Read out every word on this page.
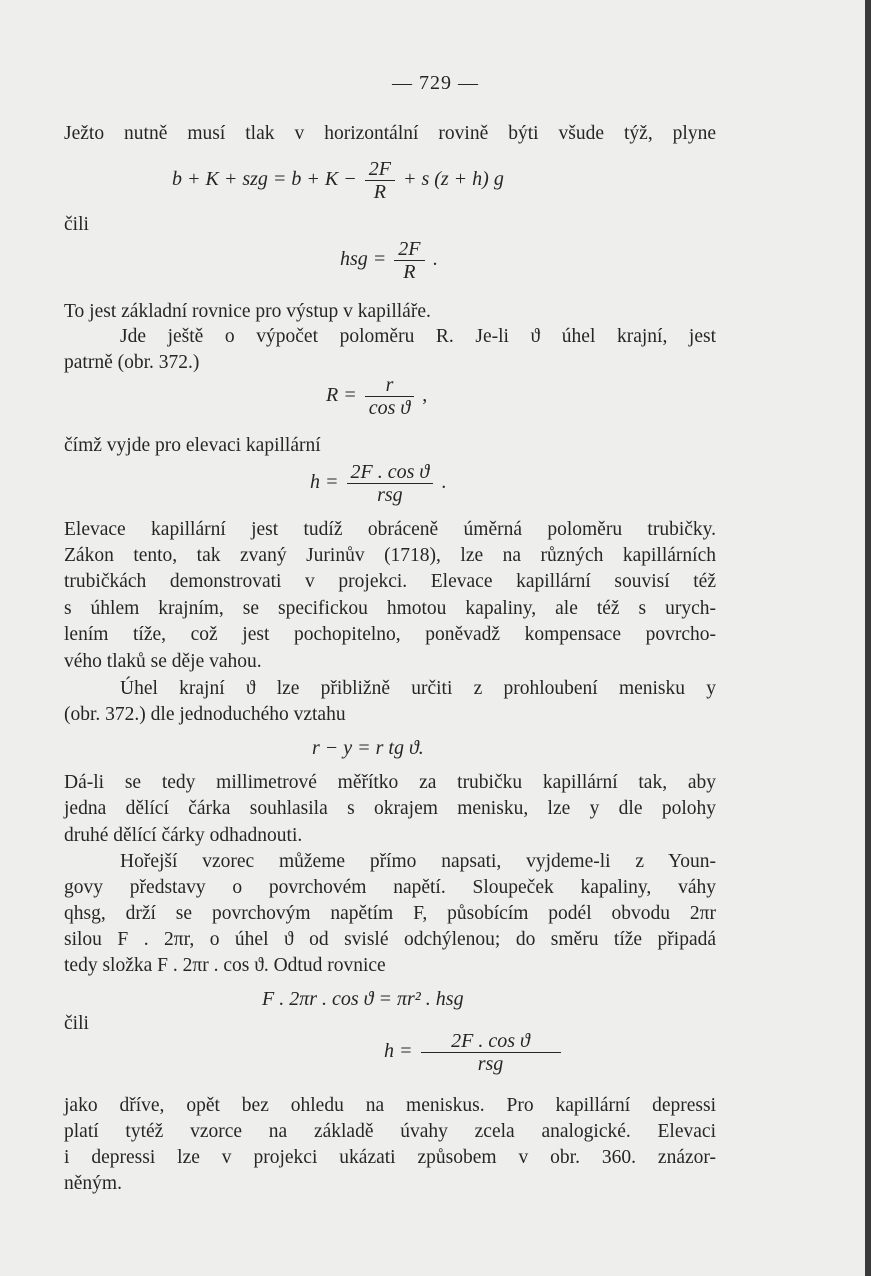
— 729 —
Ježto nutně musí tlak v horizontální rovině býti všude týž, plyne
b + K + szg = $b + K - \frac{2F}{R} + s$ (z + h) g
čili
hsg = $\frac{2F}{R}$ .
To jest základní rovnice pro výstup v kapilláře.
Jde ještě o výpočet poloměru R. Je-li ϑ úhel krajní, jest
patrně (obr. 372.)
$R = \frac{r}{\text{cos ϑ}}$ ,
čímž vyjde pro elevaci kapillární
$h = \frac{\text{2F . cos ϑ}}{\text{rsg}}$ .
Elevace kapillární jest tudíž obráceně úměrná poloměru trubičky.
Zákon tento, tak zvaný Jurinův (1718), lze na různých kapillárních
trubičkách demonstrovati v projekci. Elevace kapillární souvisí též
s úhlem krajním, se specifickou hmotou kapaliny, ale též s urych-
lením tíže, což jest pochopitelno, poněvadž kompensace povrcho-
vého tlaků se děje vahou.
Úhel krajní ϑ lze přibližně určiti z prohloubení menisku y
(obr. 372.) dle jednoduchého vztahu
r − y = r tg ϑ.
Dá-li se tedy millimetrové měřítko za trubičku kapillární tak, aby
jedna dělící čárka souhlasila s okrajem menisku, lze y dle polohy
druhé dělící čárky odhadnouti.
Hořejší vzorec můžeme přímo napsati, vyjdeme-li z Youn-
govy představy o povrchovém napětí. Sloupeček kapaliny, váhy
qhsg, drží se povrchovým napětím F, působícím podél obvodu 2πr
silou F . 2πr, o úhel ϑ od svislé odchýlenou; do směru tíže připadá
tedy složka F . 2πr . cos ϑ. Odtud rovnice
F . 2πr . cos ϑ = πr² . hsg
čili
$h = \frac{\text{2F . cos ϑ}}{\text{rsg}}$
jako dříve, opět bez ohledu na meniskus. Pro kapillární depressi
platí tytéž vzorce na základě úvahy zcela analogické. Elevaci
i depressi lze v projekci ukázati způsobem v obr. 360. znázor-
něným.
